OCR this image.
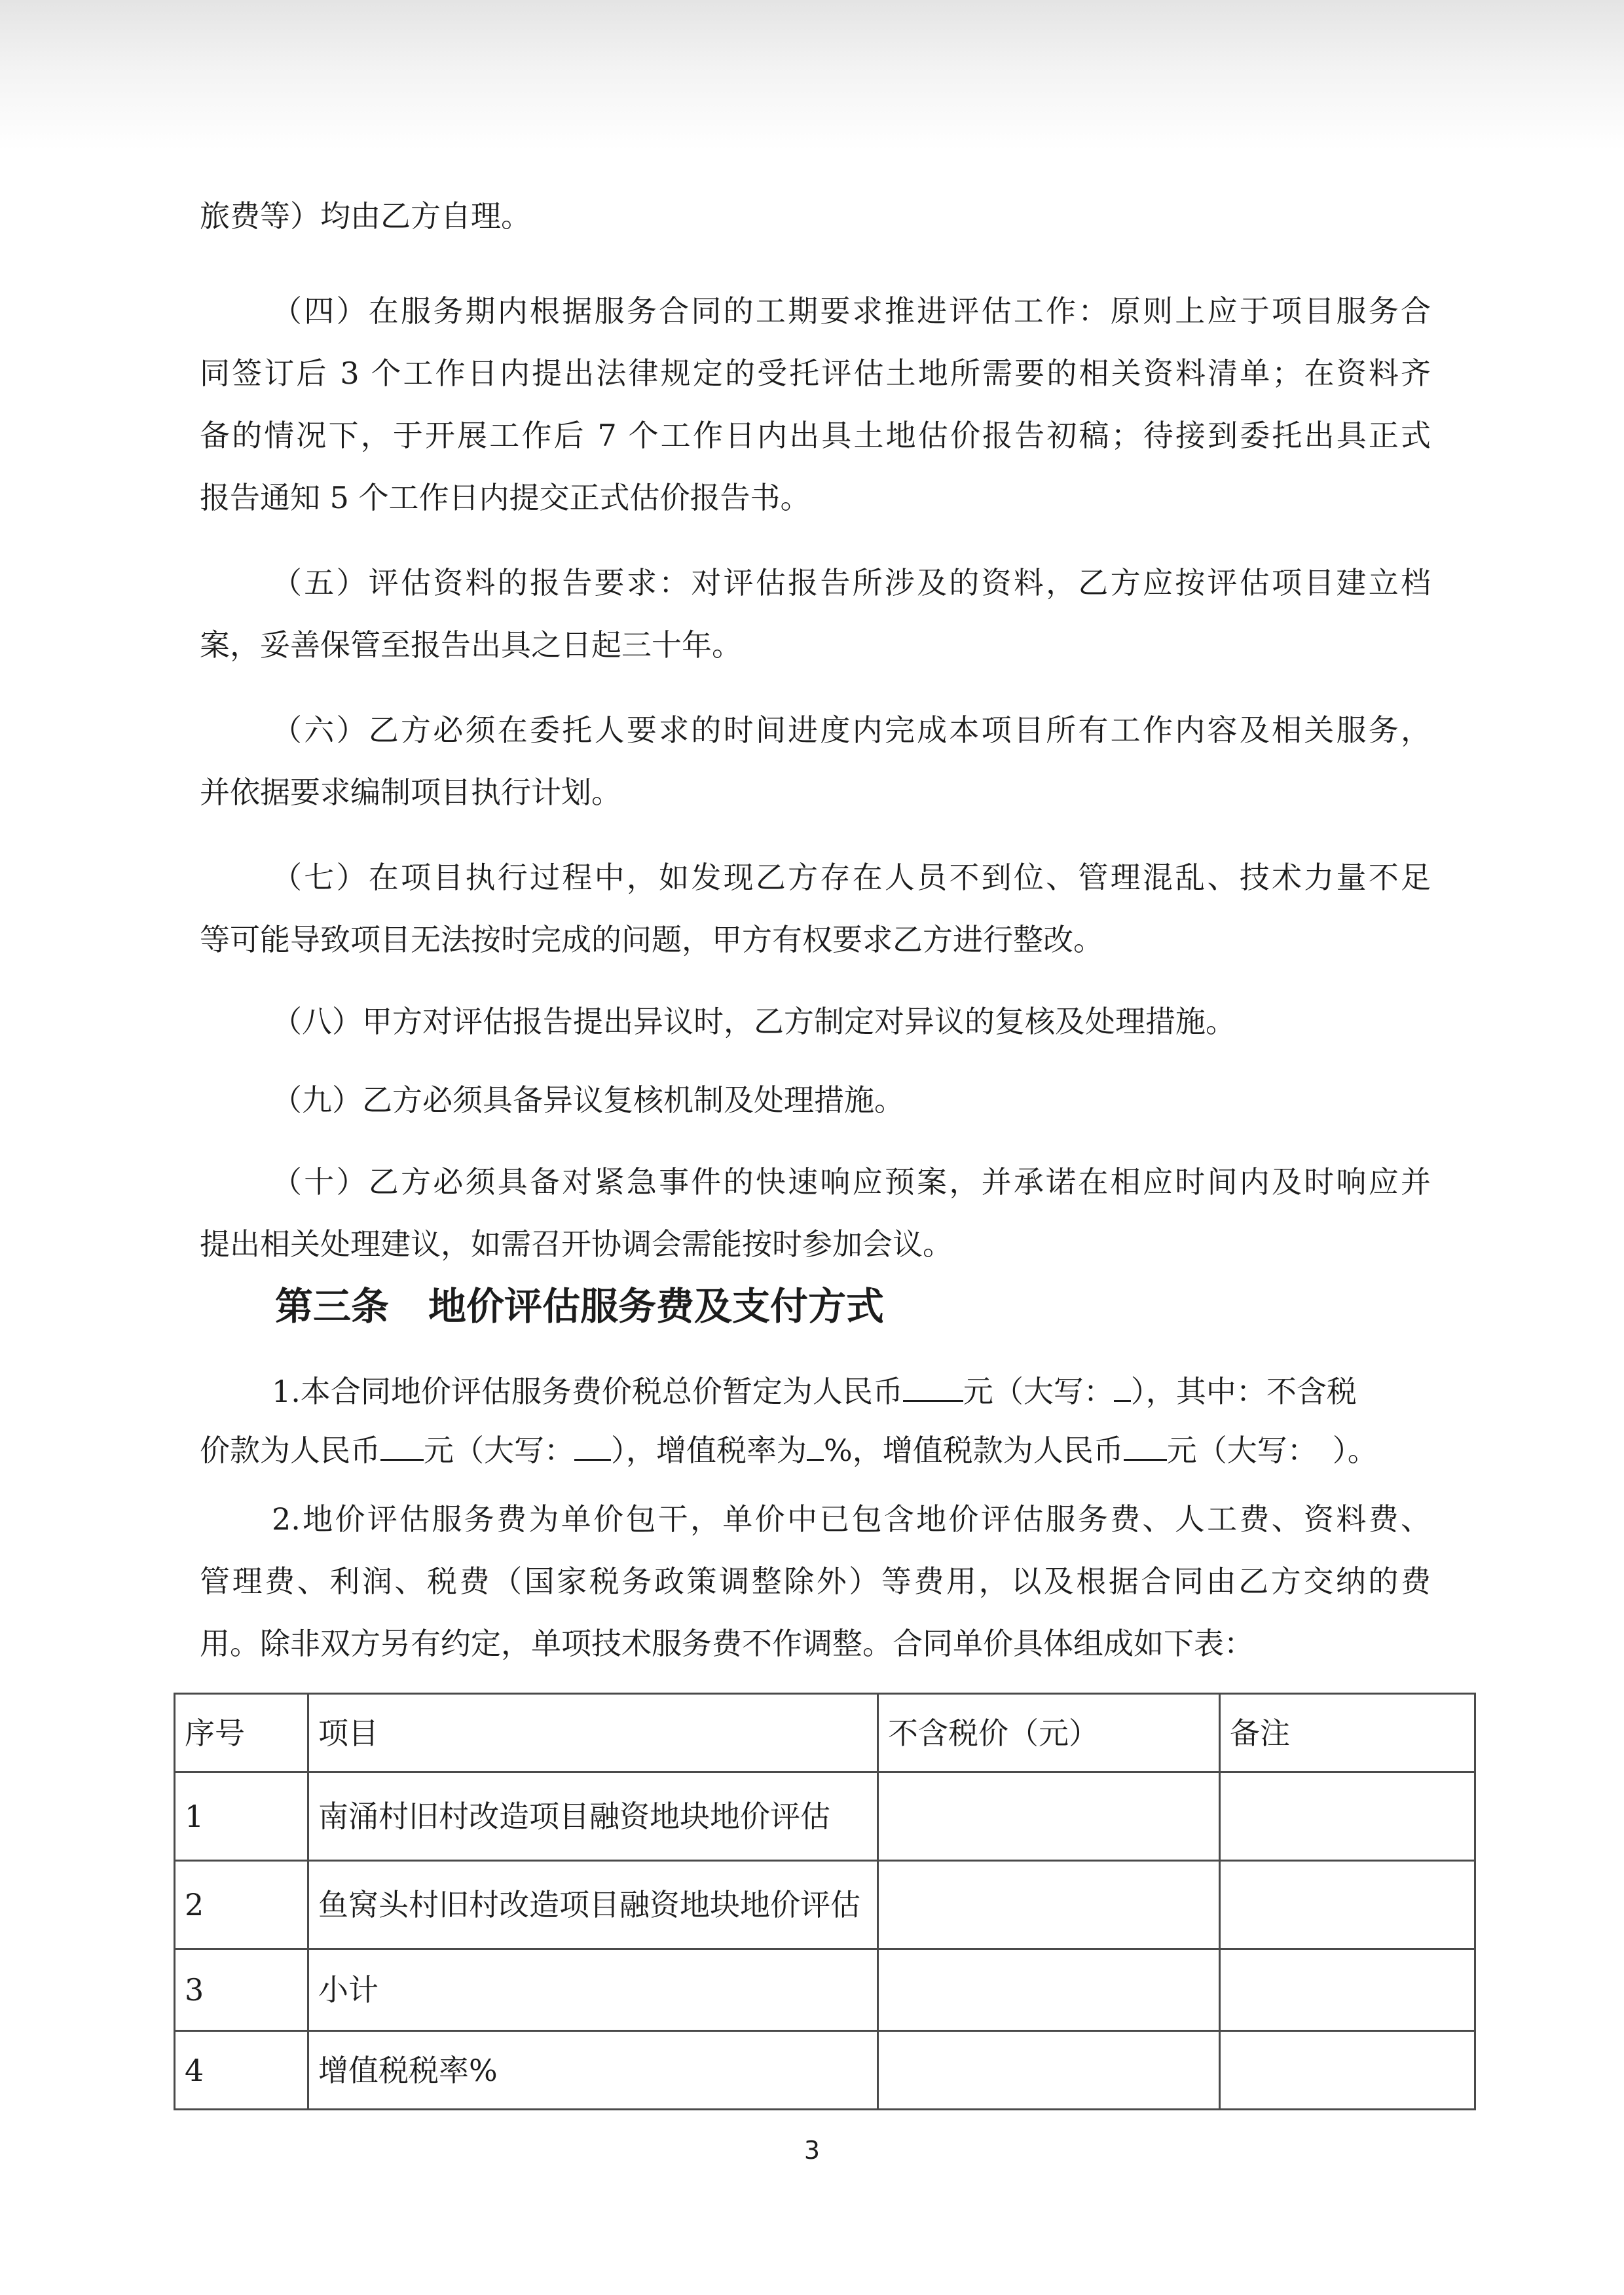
旅费等）均由乙方自理。
（四）在服务期内根据服务合同的工期要求推进评估工作：原则上应于项目服务合
同签订后 3 个工作日内提出法律规定的受托评估土地所需要的相关资料清单；在资料齐
备的情况下，于开展工作后 7 个工作日内出具土地估价报告初稿；待接到委托出具正式
报告通知 5 个工作日内提交正式估价报告书。
（五）评估资料的报告要求：对评估报告所涉及的资料，乙方应按评估项目建立档
案，妥善保管至报告出具之日起三十年。
（六）乙方必须在委托人要求的时间进度内完成本项目所有工作内容及相关服务，
并依据要求编制项目执行计划。
（七）在项目执行过程中，如发现乙方存在人员不到位、管理混乱、技术力量不足
等可能导致项目无法按时完成的问题，甲方有权要求乙方进行整改。
（八）甲方对评估报告提出异议时，乙方制定对异议的复核及处理措施。
（九）乙方必须具备异议复核机制及处理措施。
（十）乙方必须具备对紧急事件的快速响应预案，并承诺在相应时间内及时响应并
提出相关处理建议，如需召开协调会需能按时参加会议。
1.本合同地价评估服务费价税总价暂定为人民币 元（大写： ），其中：不含税
价款为人民币 元（大写： ），增值税率为 %，增值税款为人民币 元（大写：　）。
2.地价评估服务费为单价包干，单价中已包含地价评估服务费、人工费、资料费、
管理费、利润、税费（国家税务政策调整除外）等费用，以及根据合同由乙方交纳的费
用。除非双方另有约定，单项技术服务费不作调整。合同单价具体组成如下表：
第三条 地价评估服务费及支付方式
序号	项目	不含税价（元）	备注
1	南涌村旧村改造项目融资地块地价评估		
2	鱼窝头村旧村改造项目融资地块地价评估		
3	小计		
4	增值税税率%		
3
